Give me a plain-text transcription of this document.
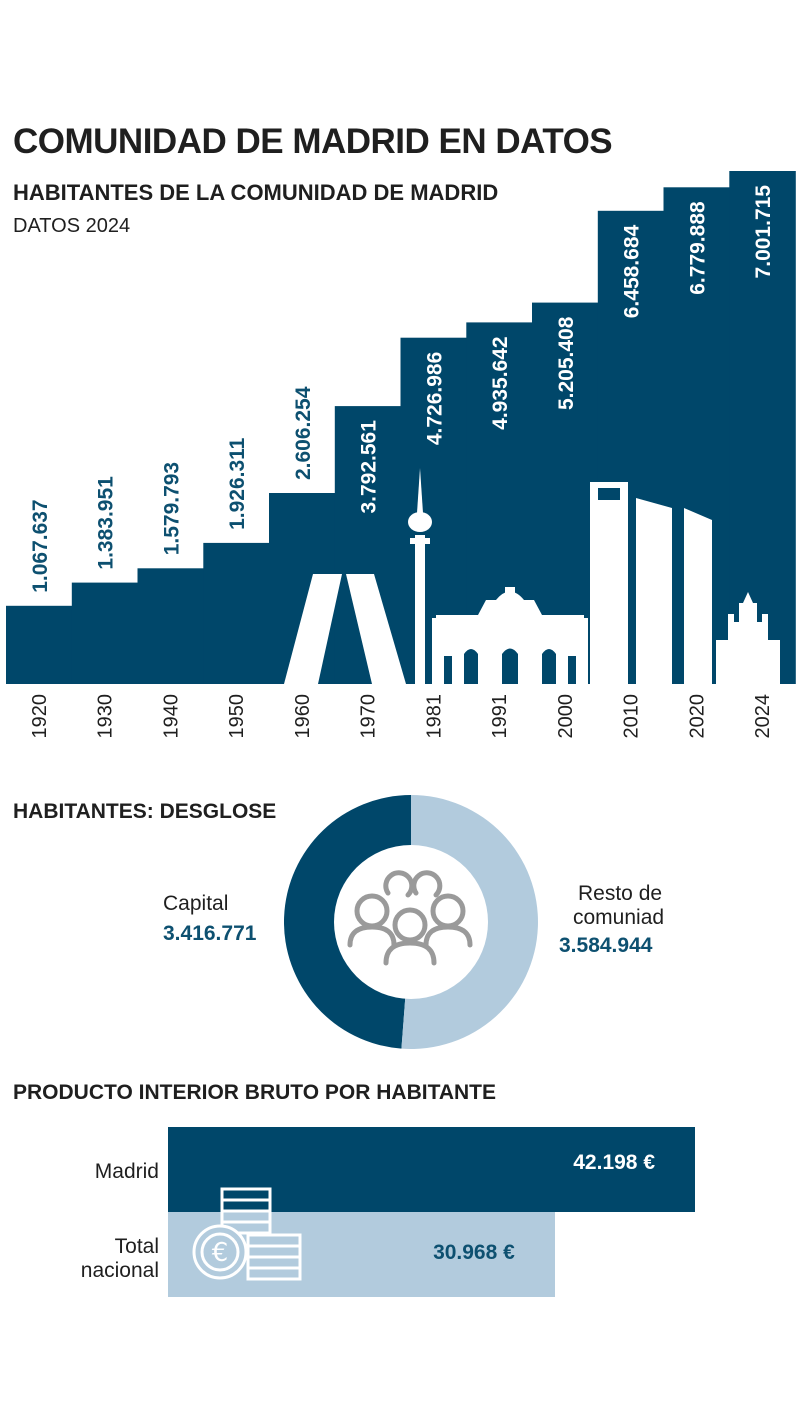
COMUNIDAD DE MADRID EN DATOS
HABITANTES DE LA COMUNIDAD DE MADRID
DATOS 2024
1.067.637 1.383.951 1.579.793 1.926.311
2.606.254 3.792.561
4.726.986 4.935.642 5.205.408
6.458.684 6.779.888 7.001.715
1920 1930 1940 1950 1960 1970 1981 1991 2000 2010 2020 2024
HABITANTES: DESGLOSE
Capital
3.416.771
Resto de
comuniad
3.584.944
PRODUCTO INTERIOR BRUTO POR HABITANTE
Madrid
Total
nacional
42.198 €
30.968 €
€
